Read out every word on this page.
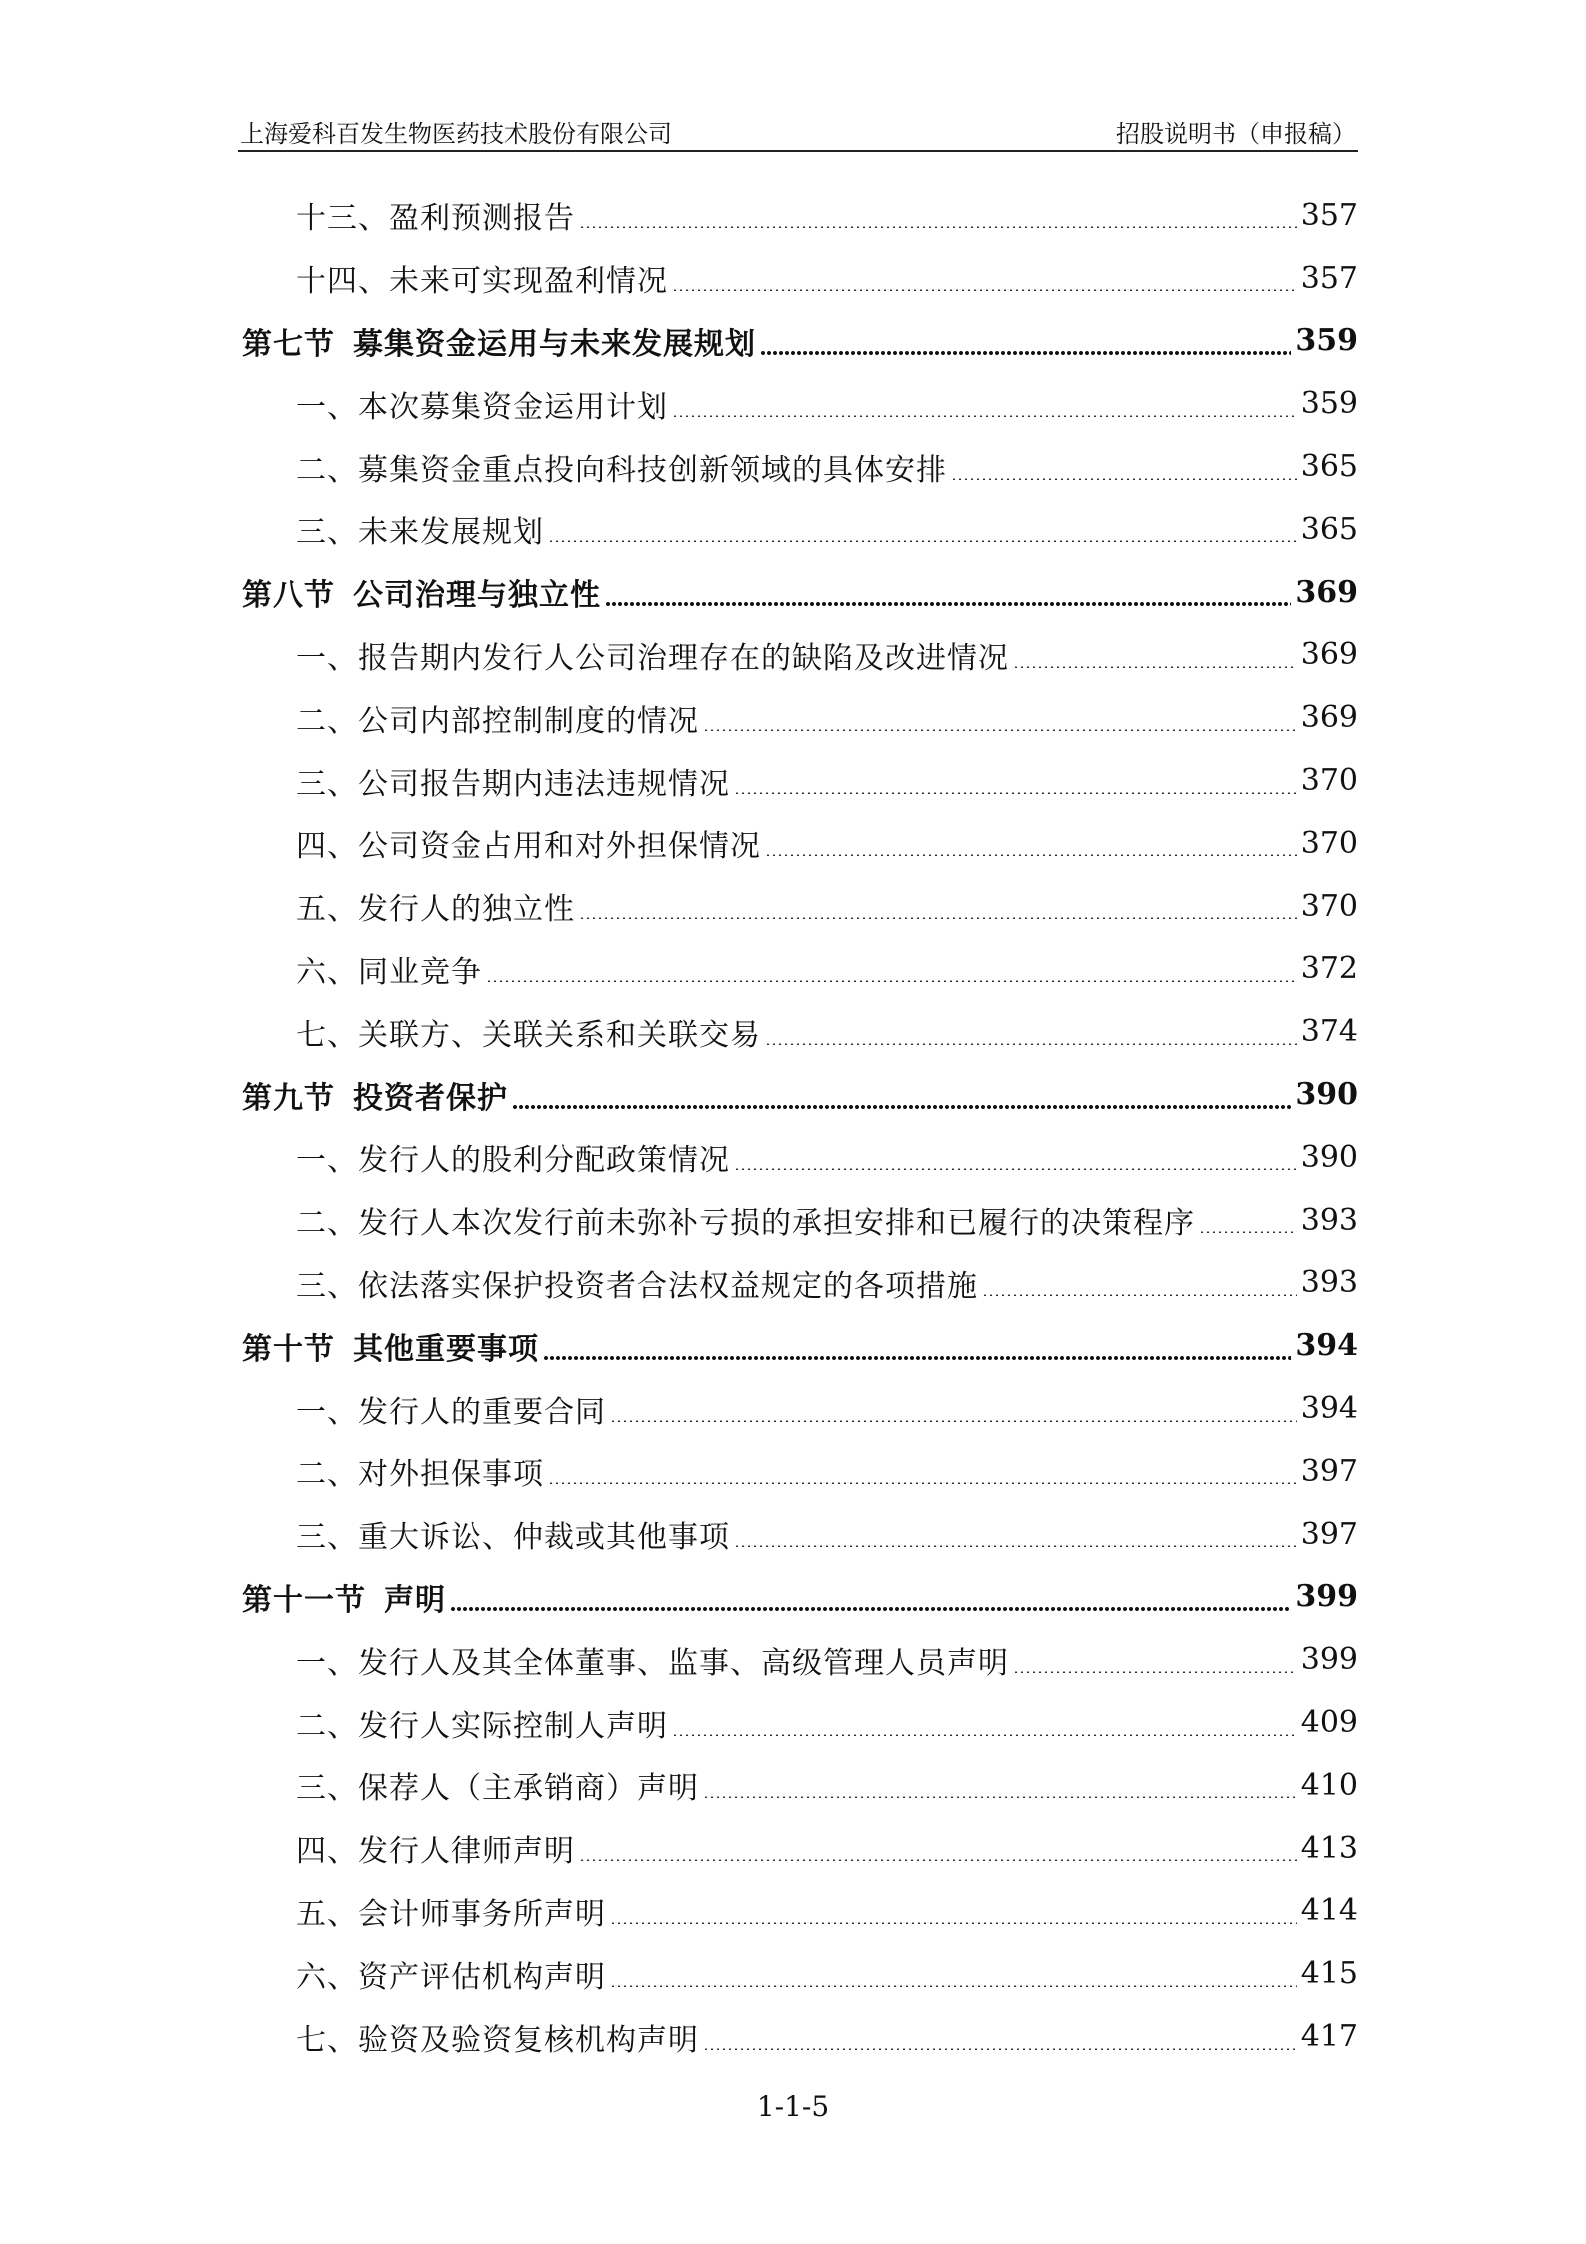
上海爱科百发生物医药技术股份有限公司	招股说明书（申报稿）
十三、盈利预测报告	357
十四、未来可实现盈利情况	357
第七节 募集资金运用与未来发展规划	359
一、本次募集资金运用计划	359
二、募集资金重点投向科技创新领域的具体安排	365
三、未来发展规划	365
第八节 公司治理与独立性	369
一、报告期内发行人公司治理存在的缺陷及改进情况	369
二、公司内部控制制度的情况	369
三、公司报告期内违法违规情况	370
四、公司资金占用和对外担保情况	370
五、发行人的独立性	370
六、同业竞争	372
七、关联方、关联关系和关联交易	374
第九节 投资者保护	390
一、发行人的股利分配政策情况	390
二、发行人本次发行前未弥补亏损的承担安排和已履行的决策程序	393
三、依法落实保护投资者合法权益规定的各项措施	393
第十节 其他重要事项	394
一、发行人的重要合同	394
二、对外担保事项	397
三、重大诉讼、仲裁或其他事项	397
第十一节 声明	399
一、发行人及其全体董事、监事、高级管理人员声明	399
二、发行人实际控制人声明	409
三、保荐人（主承销商）声明	410
四、发行人律师声明	413
五、会计师事务所声明	414
六、资产评估机构声明	415
七、验资及验资复核机构声明	417
1-1-5
